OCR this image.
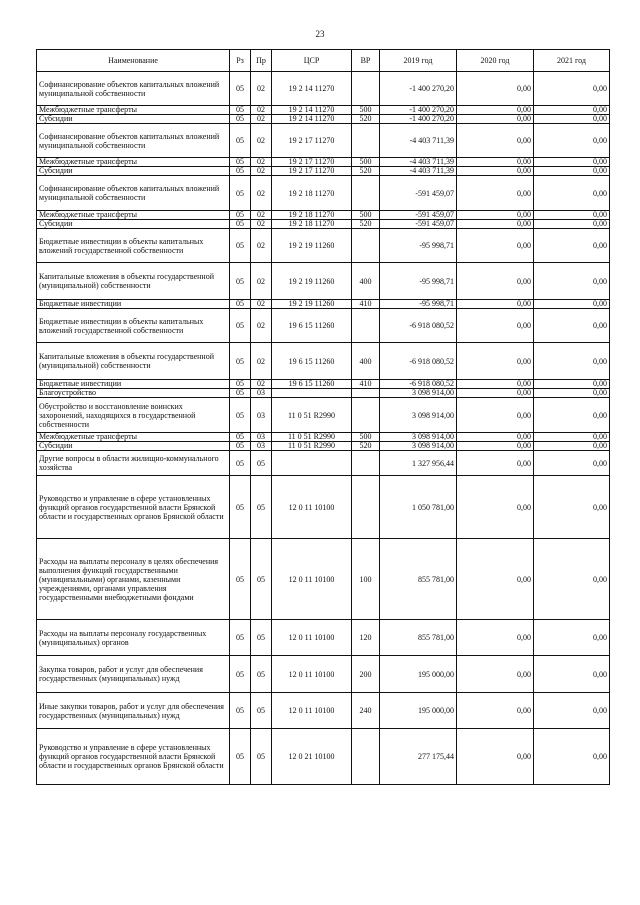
23
Наименование	Рз	Пр	ЦСР	ВР	2019 год	2020 год	2021 год
Софинансирование объектов капитальных вложений муниципальной собственности	05	02	19 2 14 11270		-1 400 270,20	0,00	0,00
Межбюджетные трансферты	05	02	19 2 14 11270	500	-1 400 270,20	0,00	0,00
Субсидии	05	02	19 2 14 11270	520	-1 400 270,20	0,00	0,00
Софинансирование объектов капитальных вложений муниципальной собственности	05	02	19 2 17 11270		-4 403 711,39	0,00	0,00
Межбюджетные трансферты	05	02	19 2 17 11270	500	-4 403 711,39	0,00	0,00
Субсидии	05	02	19 2 17 11270	520	-4 403 711,39	0,00	0,00
Софинансирование объектов капитальных вложений муниципальной собственности	05	02	19 2 18 11270		-591 459,07	0,00	0,00
Межбюджетные трансферты	05	02	19 2 18 11270	500	-591 459,07	0,00	0,00
Субсидии	05	02	19 2 18 11270	520	-591 459,07	0,00	0,00
Бюджетные инвестиции в объекты капитальных вложений государственной собственности	05	02	19 2 19 11260		-95 998,71	0,00	0,00
Капитальные вложения в объекты государственной (муниципальной) собственности	05	02	19 2 19 11260	400	-95 998,71	0,00	0,00
Бюджетные инвестиции	05	02	19 2 19 11260	410	-95 998,71	0,00	0,00
Бюджетные инвестиции в объекты капитальных вложений государственной собственности	05	02	19 6 15 11260		-6 918 080,52	0,00	0,00
Капитальные вложения в объекты государственной (муниципальной) собственности	05	02	19 6 15 11260	400	-6 918 080,52	0,00	0,00
Бюджетные инвестиции	05	02	19 6 15 11260	410	-6 918 080,52	0,00	0,00
Благоустройство	05	03			3 098 914,00	0,00	0,00
Обустройство и восстановление воинских захоронений, находящихся в государственной собственности	05	03	11 0 51 R2990		3 098 914,00	0,00	0,00
Межбюджетные трансферты	05	03	11 0 51 R2990	500	3 098 914,00	0,00	0,00
Субсидии	05	03	11 0 51 R2990	520	3 098 914,00	0,00	0,00
Другие вопросы в области жилищно-коммунального хозяйства	05	05			1 327 956,44	0,00	0,00
Руководство и управление в сфере установленных функций органов государственной власти Брянской области и государственных органов Брянской области	05	05	12 0 11 10100		1 050 781,00	0,00	0,00
Расходы на выплаты персоналу в целях обеспечения выполнения функций государственными (муниципальными) органами, казенными учреждениями, органами управления государственными внебюджетными фондами	05	05	12 0 11 10100	100	855 781,00	0,00	0,00
Расходы на выплаты персоналу государственных (муниципальных) органов	05	05	12 0 11 10100	120	855 781,00	0,00	0,00
Закупка товаров, работ и услуг для обеспечения государственных (муниципальных) нужд	05	05	12 0 11 10100	200	195 000,00	0,00	0,00
Иные закупки товаров, работ и услуг для обеспечения государственных (муниципальных) нужд	05	05	12 0 11 10100	240	195 000,00	0,00	0,00
Руководство и управление в сфере установленных функций органов государственной власти Брянской области и государственных органов Брянской области	05	05	12 0 21 10100		277 175,44	0,00	0,00
